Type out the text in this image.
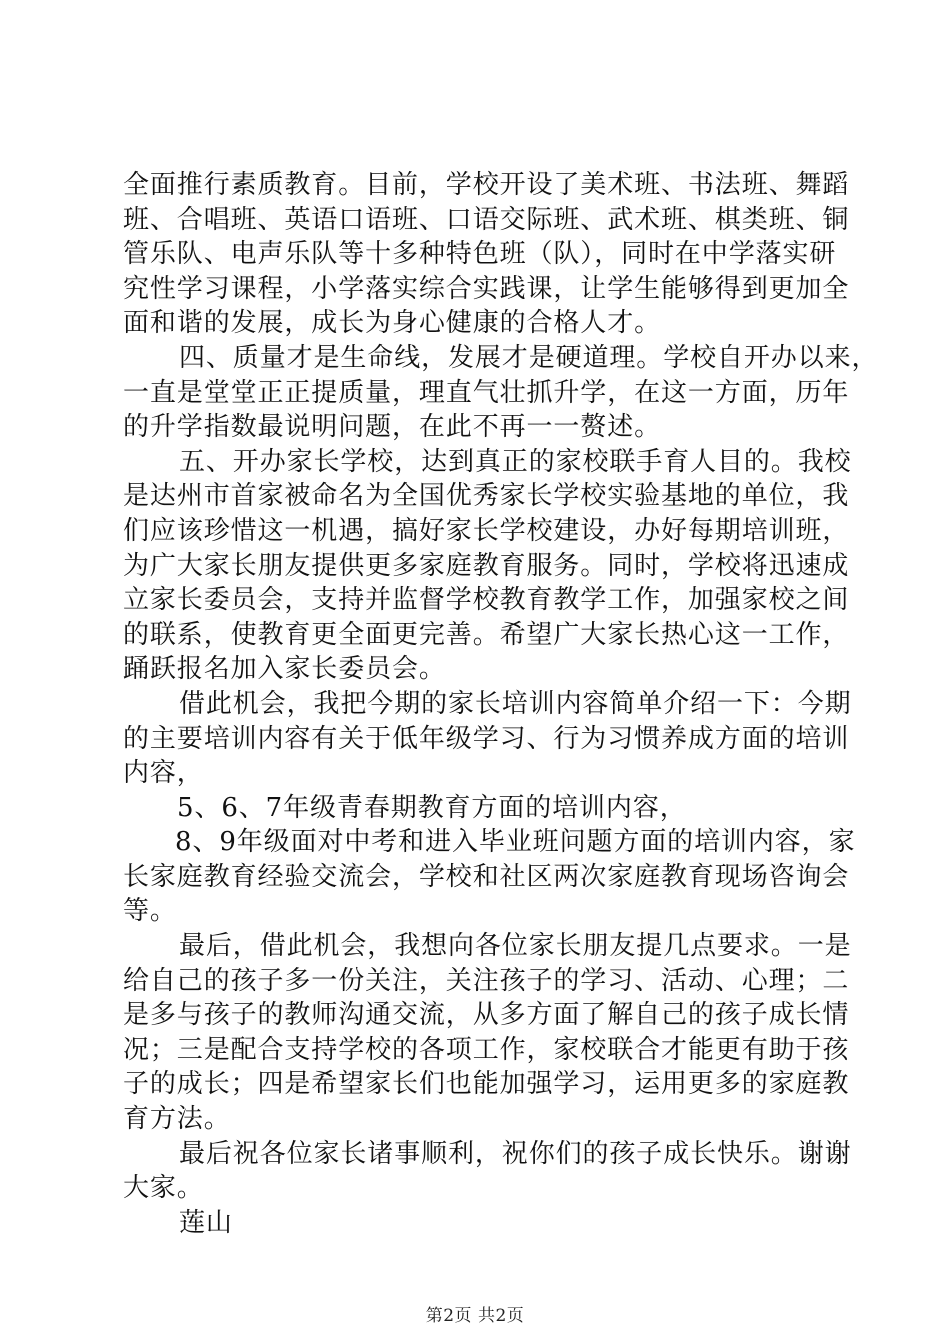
全面推行素质教育。目前，学校开设了美术班、书法班、舞蹈
班、合唱班、英语口语班、口语交际班、武术班、棋类班、铜
管乐队、电声乐队等十多种特色班（队），同时在中学落实研
究性学习课程，小学落实综合实践课，让学生能够得到更加全
面和谐的发展，成长为身心健康的合格人才。
四、质量才是生命线，发展才是硬道理。学校自开办以来，
一直是堂堂正正提质量，理直气壮抓升学，在这一方面，历年
的升学指数最说明问题，在此不再一一赘述。
五、开办家长学校，达到真正的家校联手育人目的。我校
是达州市首家被命名为全国优秀家长学校实验基地的单位，我
们应该珍惜这一机遇，搞好家长学校建设，办好每期培训班，
为广大家长朋友提供更多家庭教育服务。同时，学校将迅速成
立家长委员会，支持并监督学校教育教学工作，加强家校之间
的联系，使教育更全面更完善。希望广大家长热心这一工作，
踊跃报名加入家长委员会。
借此机会，我把今期的家长培训内容简单介绍一下：今期
的主要培训内容有关于低年级学习、行为习惯养成方面的培训
内容，
5、6、7年级青春期教育方面的培训内容，
8、9年级面对中考和进入毕业班问题方面的培训内容，家
长家庭教育经验交流会，学校和社区两次家庭教育现场咨询会
等。
最后，借此机会，我想向各位家长朋友提几点要求。一是
给自己的孩子多一份关注，关注孩子的学习、活动、心理；二
是多与孩子的教师沟通交流，从多方面了解自己的孩子成长情
况；三是配合支持学校的各项工作，家校联合才能更有助于孩
子的成长；四是希望家长们也能加强学习，运用更多的家庭教
育方法。
最后祝各位家长诸事顺利，祝你们的孩子成长快乐。谢谢
大家。
莲山
第2页 共2页
